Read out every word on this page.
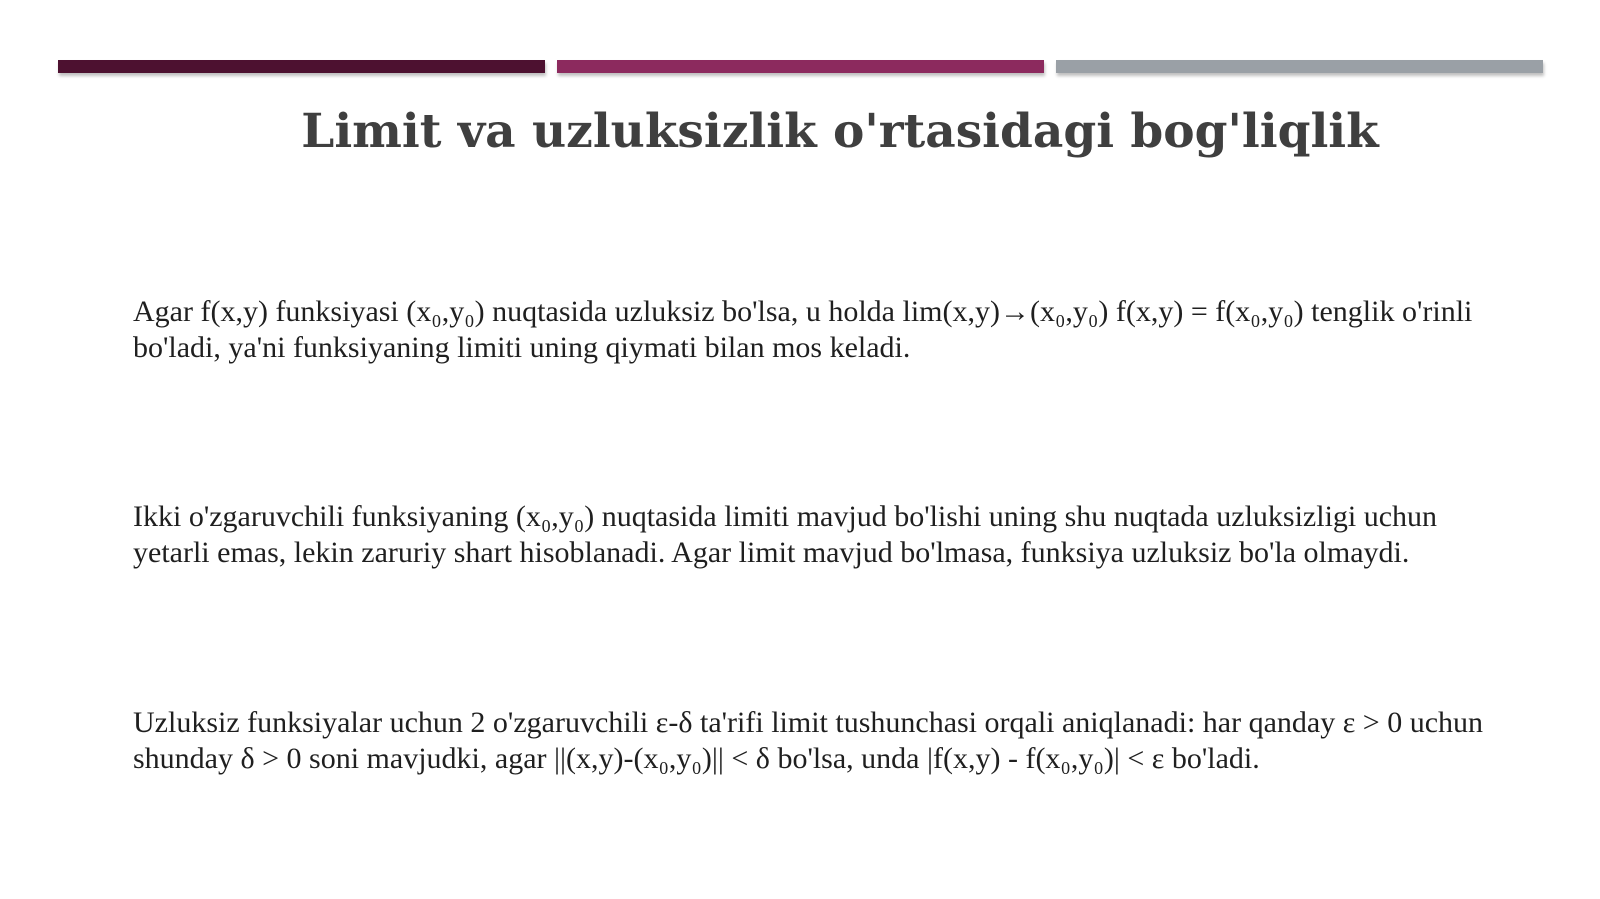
Limit va uzluksizlik o'rtasidagi bog'liqlik
Agar f(x,y) funksiyasi (x₀,y₀) nuqtasida uzluksiz bo'lsa, u holda lim(x,y)→(x₀,y₀) f(x,y) = f(x₀,y₀) tenglik o'rinli bo'ladi, ya'ni funksiyaning limiti uning qiymati bilan mos keladi.
Ikki o'zgaruvchili funksiyaning (x₀,y₀) nuqtasida limiti mavjud bo'lishi uning shu nuqtada uzluksizligi uchun yetarli emas, lekin zaruriy shart hisoblanadi. Agar limit mavjud bo'lmasa, funksiya uzluksiz bo'la olmaydi.
Uzluksiz funksiyalar uchun 2 o'zgaruvchili ε-δ ta'rifi limit tushunchasi orqali aniqlanadi: har qanday ε > 0 uchun shunday δ > 0 soni mavjudki, agar ||(x,y)-(x₀,y₀)|| < δ bo'lsa, unda |f(x,y) - f(x₀,y₀)| < ε bo'ladi.
